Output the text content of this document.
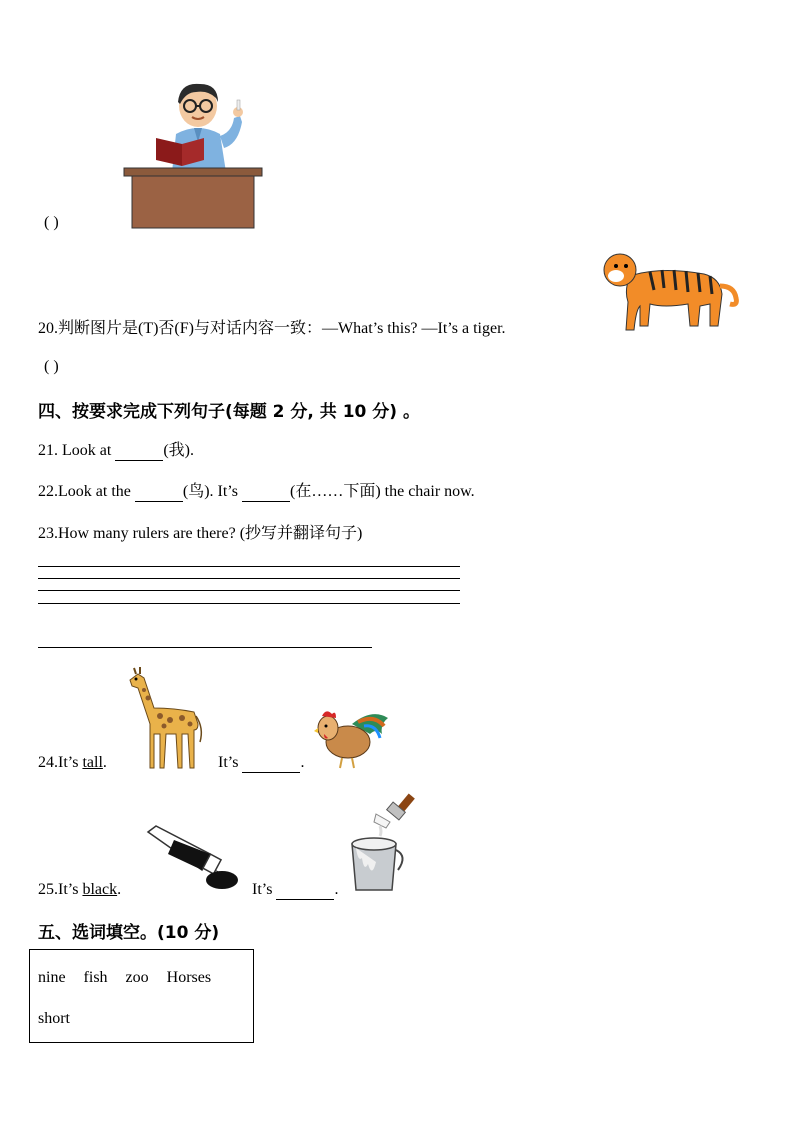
( )
20.判断图片是(T)否(F)与对话内容一致：—What’s this? —It’s a tiger.
( )
四、按要求完成下列句子(每题 2 分, 共 10 分) 。
21. Look at	(我).
22.Look at the	(鸟). It’s	(在……下面) the chair now.
23.How many rulers are there? (抄写并翻译句子)
24.It’s tall.	It’s	.
25.It’s black.	It’s	.
五、选词填空。(10 分)
nine fish zoo Horses
short
